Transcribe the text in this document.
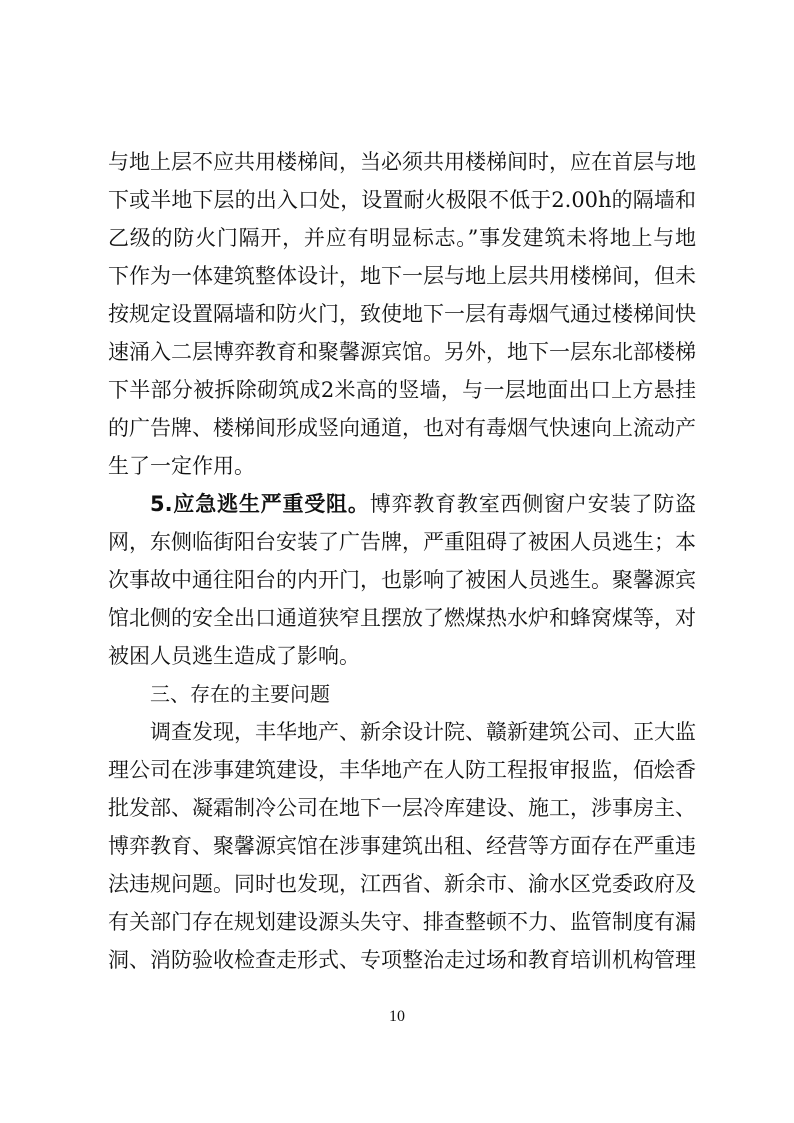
与地上层不应共用楼梯间，当必须共用楼梯间时，应在首层与地下或半地下层的出入口处，设置耐火极限不低于2.00h的隔墙和乙级的防火门隔开，并应有明显标志。”事发建筑未将地上与地下作为一体建筑整体设计，地下一层与地上层共用楼梯间，但未按规定设置隔墙和防火门，致使地下一层有毒烟气通过楼梯间快速涌入二层博弈教育和聚馨源宾馆。另外，地下一层东北部楼梯下半部分被拆除砌筑成2米高的竖墙，与一层地面出口上方悬挂的广告牌、楼梯间形成竖向通道，也对有毒烟气快速向上流动产生了一定作用。

5.应急逃生严重受阻。博弈教育教室西侧窗户安装了防盗网，东侧临街阳台安装了广告牌，严重阻碍了被困人员逃生；本次事故中通往阳台的内开门，也影响了被困人员逃生。聚馨源宾馆北侧的安全出口通道狭窄且摆放了燃煤热水炉和蜂窝煤等，对被困人员逃生造成了影响。

三、存在的主要问题

调查发现，丰华地产、新余设计院、赣新建筑公司、正大监理公司在涉事建筑建设，丰华地产在人防工程报审报监，佰烩香批发部、凝霜制冷公司在地下一层冷库建设、施工，涉事房主、博弈教育、聚馨源宾馆在涉事建筑出租、经营等方面存在严重违法违规问题。同时也发现，江西省、新余市、渝水区党委政府及有关部门存在规划建设源头失守、排查整顿不力、监管制度有漏洞、消防验收检查走形式、专项整治走过场和教育培训机构管理

10
